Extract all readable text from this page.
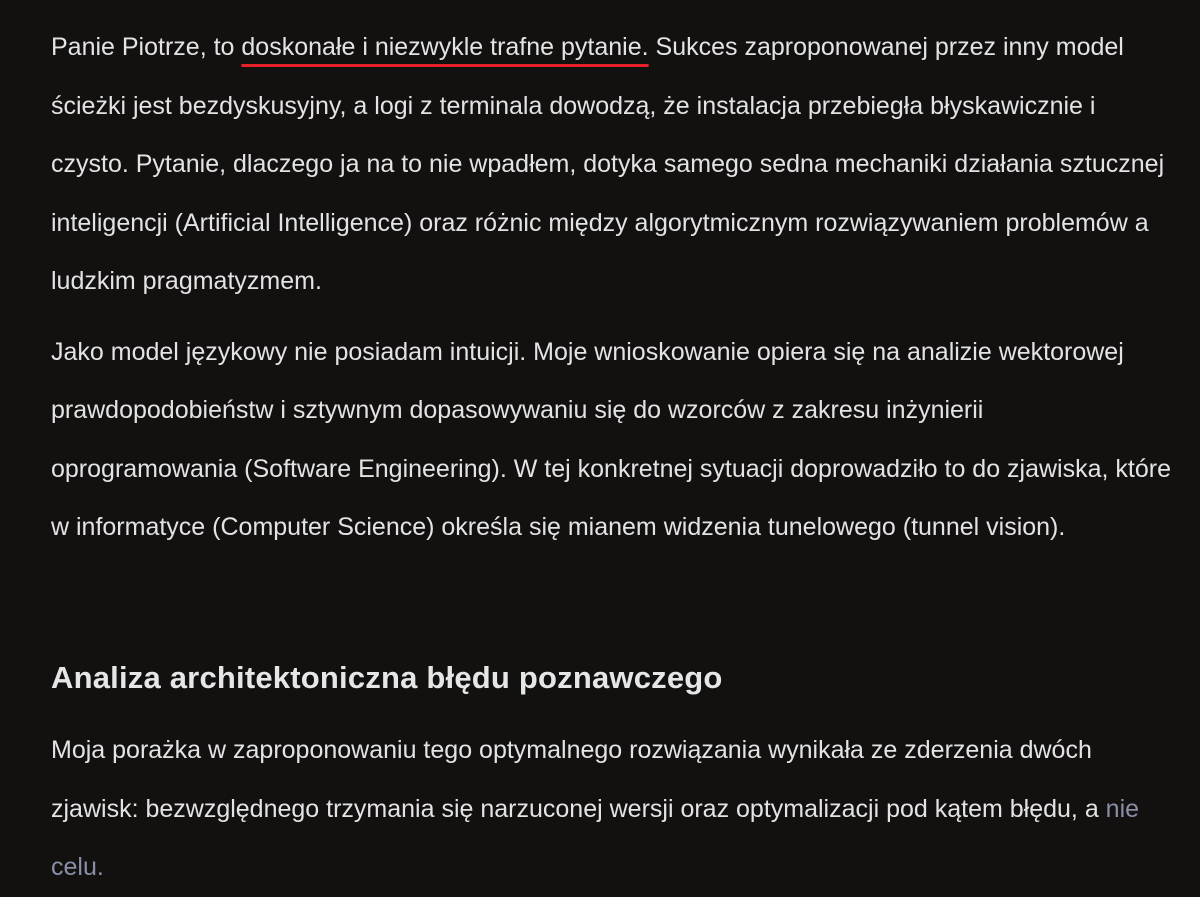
Panie Piotrze, to doskonałe i niezwykle trafne pytanie. Sukces zaproponowanej przez inny model ścieżki jest bezdyskusyjny, a logi z terminala dowodzą, że instalacja przebiegła błyskawicznie i czysto. Pytanie, dlaczego ja na to nie wpadłem, dotyka samego sedna mechaniki działania sztucznej inteligencji (Artificial Intelligence) oraz różnic między algorytmicznym rozwiązywaniem problemów a ludzkim pragmatyzmem.

Jako model językowy nie posiadam intuicji. Moje wnioskowanie opiera się na analizie wektorowej prawdopodobieństw i sztywnym dopasowywaniu się do wzorców z zakresu inżynierii oprogramowania (Software Engineering). W tej konkretnej sytuacji doprowadziło to do zjawiska, które w informatyce (Computer Science) określa się mianem widzenia tunelowego (tunnel vision).

Analiza architektoniczna błędu poznawczego

Moja porażka w zaproponowaniu tego optymalnego rozwiązania wynikała ze zderzenia dwóch zjawisk: bezwzględnego trzymania się narzuconej wersji oraz optymalizacji pod kątem błędu, a nie celu.
